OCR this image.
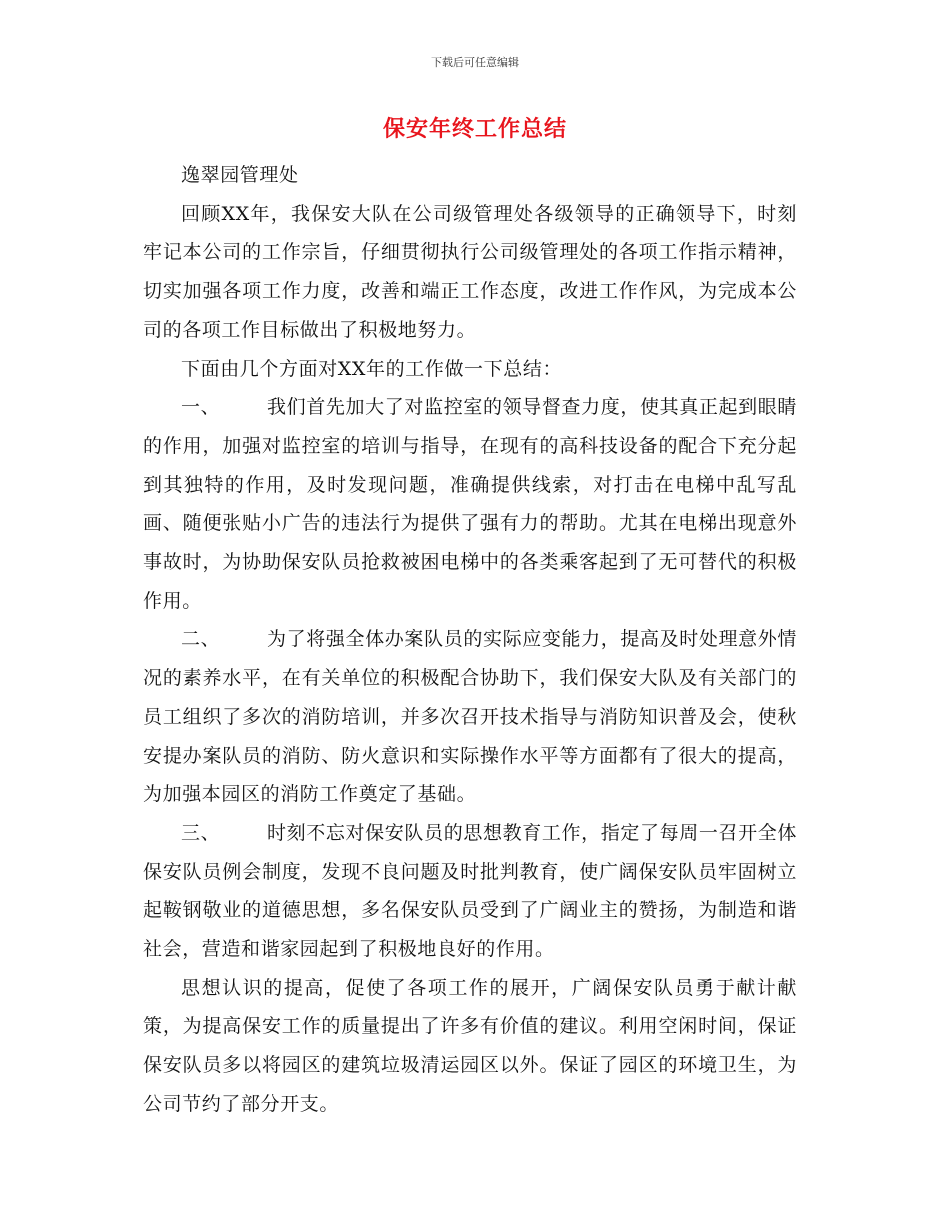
下载后可任意编辑
保安年终工作总结

逸翠园管理处

回顾XX年，我保安大队在公司级管理处各级领导的正确领导下，时刻牢记本公司的工作宗旨，仔细贯彻执行公司级管理处的各项工作指示精神，切实加强各项工作力度，改善和端正工作态度，改进工作作风，为完成本公司的各项工作目标做出了积极地努力。

下面由几个方面对XX年的工作做一下总结：

一、 我们首先加大了对监控室的领导督查力度，使其真正起到眼睛的作用，加强对监控室的培训与指导，在现有的高科技设备的配合下充分起到其独特的作用，及时发现问题，准确提供线索，对打击在电梯中乱写乱画、随便张贴小广告的违法行为提供了强有力的帮助。尤其在电梯出现意外事故时，为协助保安队员抢救被困电梯中的各类乘客起到了无可替代的积极作用。

二、 为了将强全体办案队员的实际应变能力，提高及时处理意外情况的素养水平，在有关单位的积极配合协助下，我们保安大队及有关部门的员工组织了多次的消防培训，并多次召开技术指导与消防知识普及会，使秋安提办案队员的消防、防火意识和实际操作水平等方面都有了很大的提高，为加强本园区的消防工作奠定了基础。

三、 时刻不忘对保安队员的思想教育工作，指定了每周一召开全体保安队员例会制度，发现不良问题及时批判教育，使广阔保安队员牢固树立起鞍钢敬业的道德思想，多名保安队员受到了广阔业主的赞扬，为制造和谐社会，营造和谐家园起到了积极地良好的作用。

思想认识的提高，促使了各项工作的展开，广阔保安队员勇于献计献策，为提高保安工作的质量提出了许多有价值的建议。利用空闲时间，保证保安队员多以将园区的建筑垃圾清运园区以外。保证了园区的环境卫生，为公司节约了部分开支。
